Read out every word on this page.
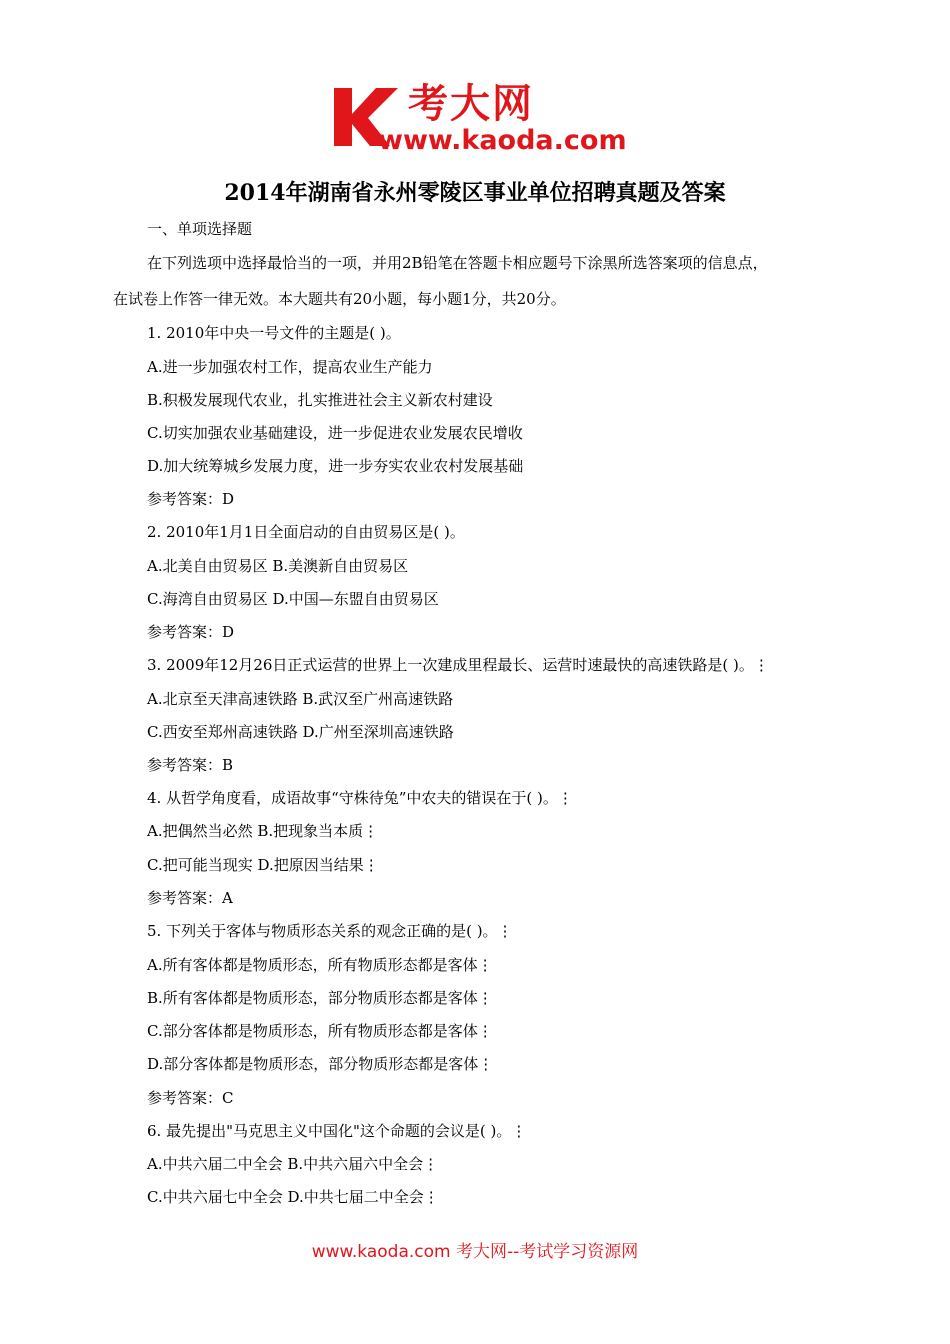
考大网
www.kaoda.com
2014年湖南省永州零陵区事业单位招聘真题及答案
一、单项选择题
在下列选项中选择最恰当的一项，并用2B铅笔在答题卡相应题号下涂黑所选答案项的信息点，
在试卷上作答一律无效。本大题共有20小题，每小题1分，共20分。
1. 2010年中央一号文件的主题是( )。
A.进一步加强农村工作，提高农业生产能力
B.积极发展现代农业，扎实推进社会主义新农村建设
C.切实加强农业基础建设，进一步促进农业发展农民增收
D.加大统筹城乡发展力度，进一步夯实农业农村发展基础
参考答案：D
2. 2010年1月1日全面启动的自由贸易区是( )。
A.北美自由贸易区 B.美澳新自由贸易区
C.海湾自由贸易区 D.中国—东盟自由贸易区
参考答案：D
3. 2009年12月26日正式运营的世界上一次建成里程最长、运营时速最快的高速铁路是( )。⋮
A.北京至天津高速铁路 B.武汉至广州高速铁路
C.西安至郑州高速铁路 D.广州至深圳高速铁路
参考答案：B
4. 从哲学角度看，成语故事“守株待兔”中农夫的错误在于( )。⋮
A.把偶然当必然 B.把现象当本质⋮
C.把可能当现实 D.把原因当结果⋮
参考答案：A
5. 下列关于客体与物质形态关系的观念正确的是( )。⋮
A.所有客体都是物质形态，所有物质形态都是客体⋮
B.所有客体都是物质形态，部分物质形态都是客体⋮
C.部分客体都是物质形态，所有物质形态都是客体⋮
D.部分客体都是物质形态，部分物质形态都是客体⋮
参考答案：C
6. 最先提出"马克思主义中国化"这个命题的会议是( )。⋮
A.中共六届二中全会 B.中共六届六中全会⋮
C.中共六届七中全会 D.中共七届二中全会⋮
www.kaoda.com 考大网--考试学习资源网
